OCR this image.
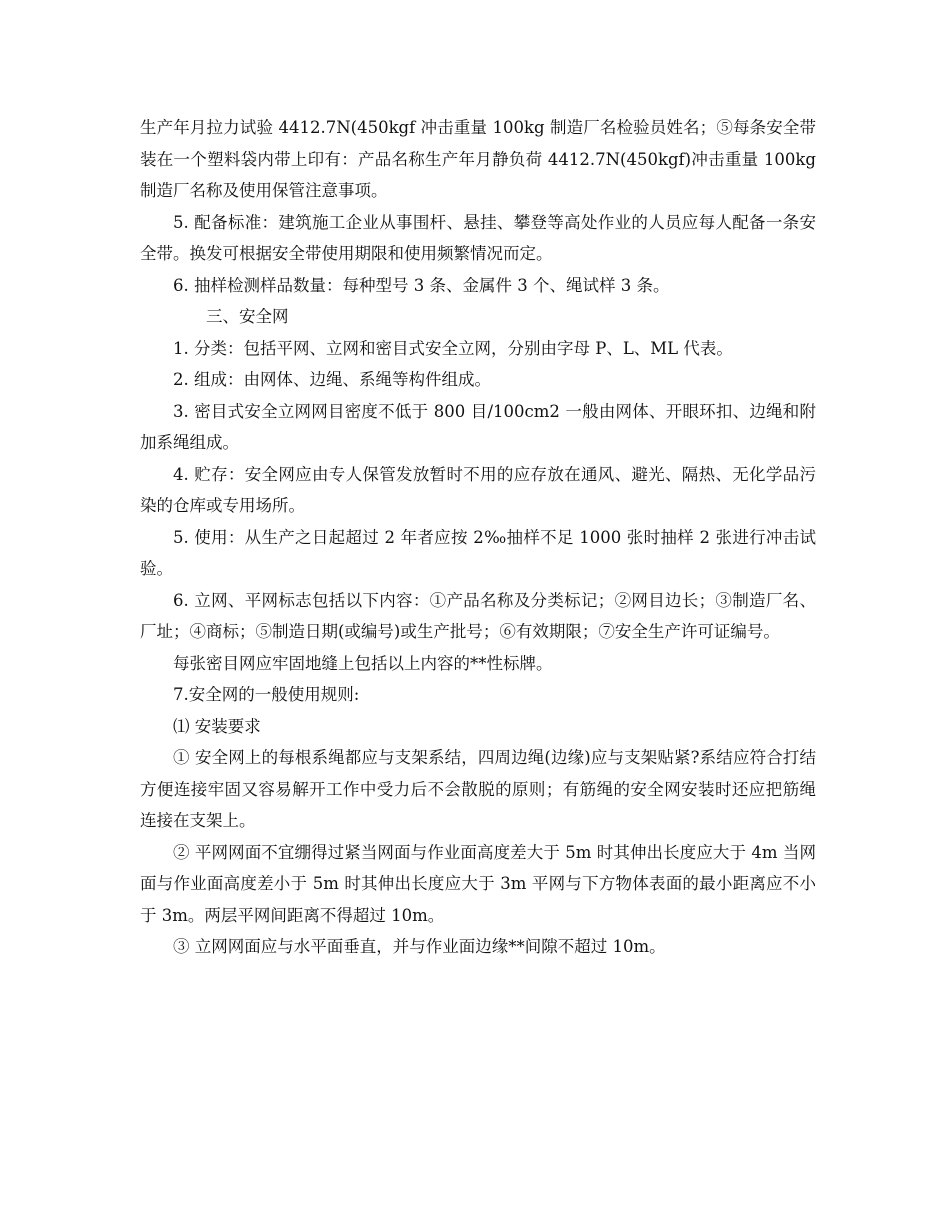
生产年月拉力试验 4412.7N(450kgf 冲击重量 100kg 制造厂名检验员姓名；⑤每条安全带装在一个塑料袋内带上印有：产品名称生产年月静负荷 4412.7N(450kgf)冲击重量 100kg 制造厂名称及使用保管注意事项。

5. 配备标准：建筑施工企业从事围杆、悬挂、攀登等高处作业的人员应每人配备一条安全带。换发可根据安全带使用期限和使用频繁情况而定。

6. 抽样检测样品数量：每种型号 3 条、金属件 3 个、绳试样 3 条。

三、安全网

1. 分类：包括平网、立网和密目式安全立网，分别由字母 P、L、ML 代表。

2. 组成：由网体、边绳、系绳等构件组成。

3. 密目式安全立网网目密度不低于 800 目/100cm2 一般由网体、开眼环扣、边绳和附加系绳组成。

4. 贮存：安全网应由专人保管发放暂时不用的应存放在通风、避光、隔热、无化学品污染的仓库或专用场所。

5. 使用：从生产之日起超过 2 年者应按 2‰抽样不足 1000 张时抽样 2 张进行冲击试验。

6. 立网、平网标志包括以下内容：①产品名称及分类标记；②网目边长；③制造厂名、厂址；④商标；⑤制造日期(或编号)或生产批号；⑥有效期限；⑦安全生产许可证编号。

每张密目网应牢固地缝上包括以上内容的**性标牌。

7.安全网的一般使用规则:

⑴ 安装要求

① 安全网上的每根系绳都应与支架系结，四周边绳(边缘)应与支架贴紧?系结应符合打结方便连接牢固又容易解开工作中受力后不会散脱的原则；有筋绳的安全网安装时还应把筋绳连接在支架上。

② 平网网面不宜绷得过紧当网面与作业面高度差大于 5m 时其伸出长度应大于 4m 当网面与作业面高度差小于 5m 时其伸出长度应大于 3m 平网与下方物体表面的最小距离应不小于 3m。两层平网间距离不得超过 10m。

③ 立网网面应与水平面垂直，并与作业面边缘**间隙不超过 10m。
